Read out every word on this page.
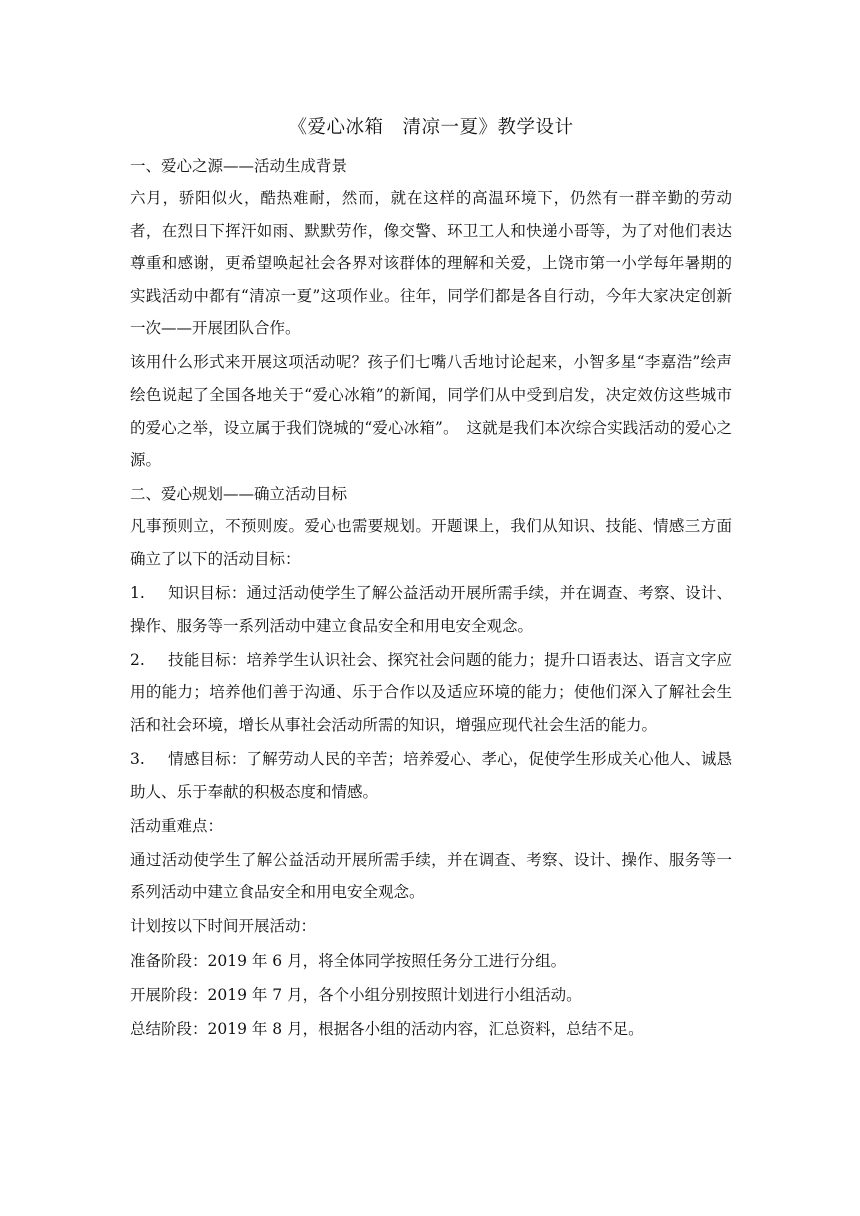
《爱心冰箱　清凉一夏》教学设计
一、爱心之源——活动生成背景
六月，骄阳似火，酷热难耐，然而，就在这样的高温环境下，仍然有一群辛勤的劳动者，在烈日下挥汗如雨、默默劳作，像交警、环卫工人和快递小哥等，为了对他们表达尊重和感谢，更希望唤起社会各界对该群体的理解和关爱，上饶市第一小学每年暑期的实践活动中都有“清凉一夏”这项作业。往年，同学们都是各自行动，今年大家决定创新一次——开展团队合作。
该用什么形式来开展这项活动呢？孩子们七嘴八舌地讨论起来，小智多星“李嘉浩”绘声绘色说起了全国各地关于“爱心冰箱”的新闻，同学们从中受到启发，决定效仿这些城市的爱心之举，设立属于我们饶城的“爱心冰箱”。　这就是我们本次综合实践活动的爱心之源。
二、爱心规划——确立活动目标
凡事预则立，不预则废。爱心也需要规划。开题课上，我们从知识、技能、情感三方面确立了以下的活动目标：
1. 知识目标：通过活动使学生了解公益活动开展所需手续，并在调查、考察、设计、操作、服务等一系列活动中建立食品安全和用电安全观念。
2. 技能目标：培养学生认识社会、探究社会问题的能力；提升口语表达、语言文字应用的能力；培养他们善于沟通、乐于合作以及适应环境的能力；使他们深入了解社会生活和社会环境，增长从事社会活动所需的知识，增强应现代社会生活的能力。
3. 情感目标：了解劳动人民的辛苦；培养爱心、孝心，促使学生形成关心他人、诚恳助人、乐于奉献的积极态度和情感。
活动重难点：
通过活动使学生了解公益活动开展所需手续，并在调查、考察、设计、操作、服务等一系列活动中建立食品安全和用电安全观念。
计划按以下时间开展活动：
准备阶段：2019 年 6 月，将全体同学按照任务分工进行分组。
开展阶段：2019 年 7 月，各个小组分别按照计划进行小组活动。
总结阶段：2019 年 8 月，根据各小组的活动内容，汇总资料，总结不足。
